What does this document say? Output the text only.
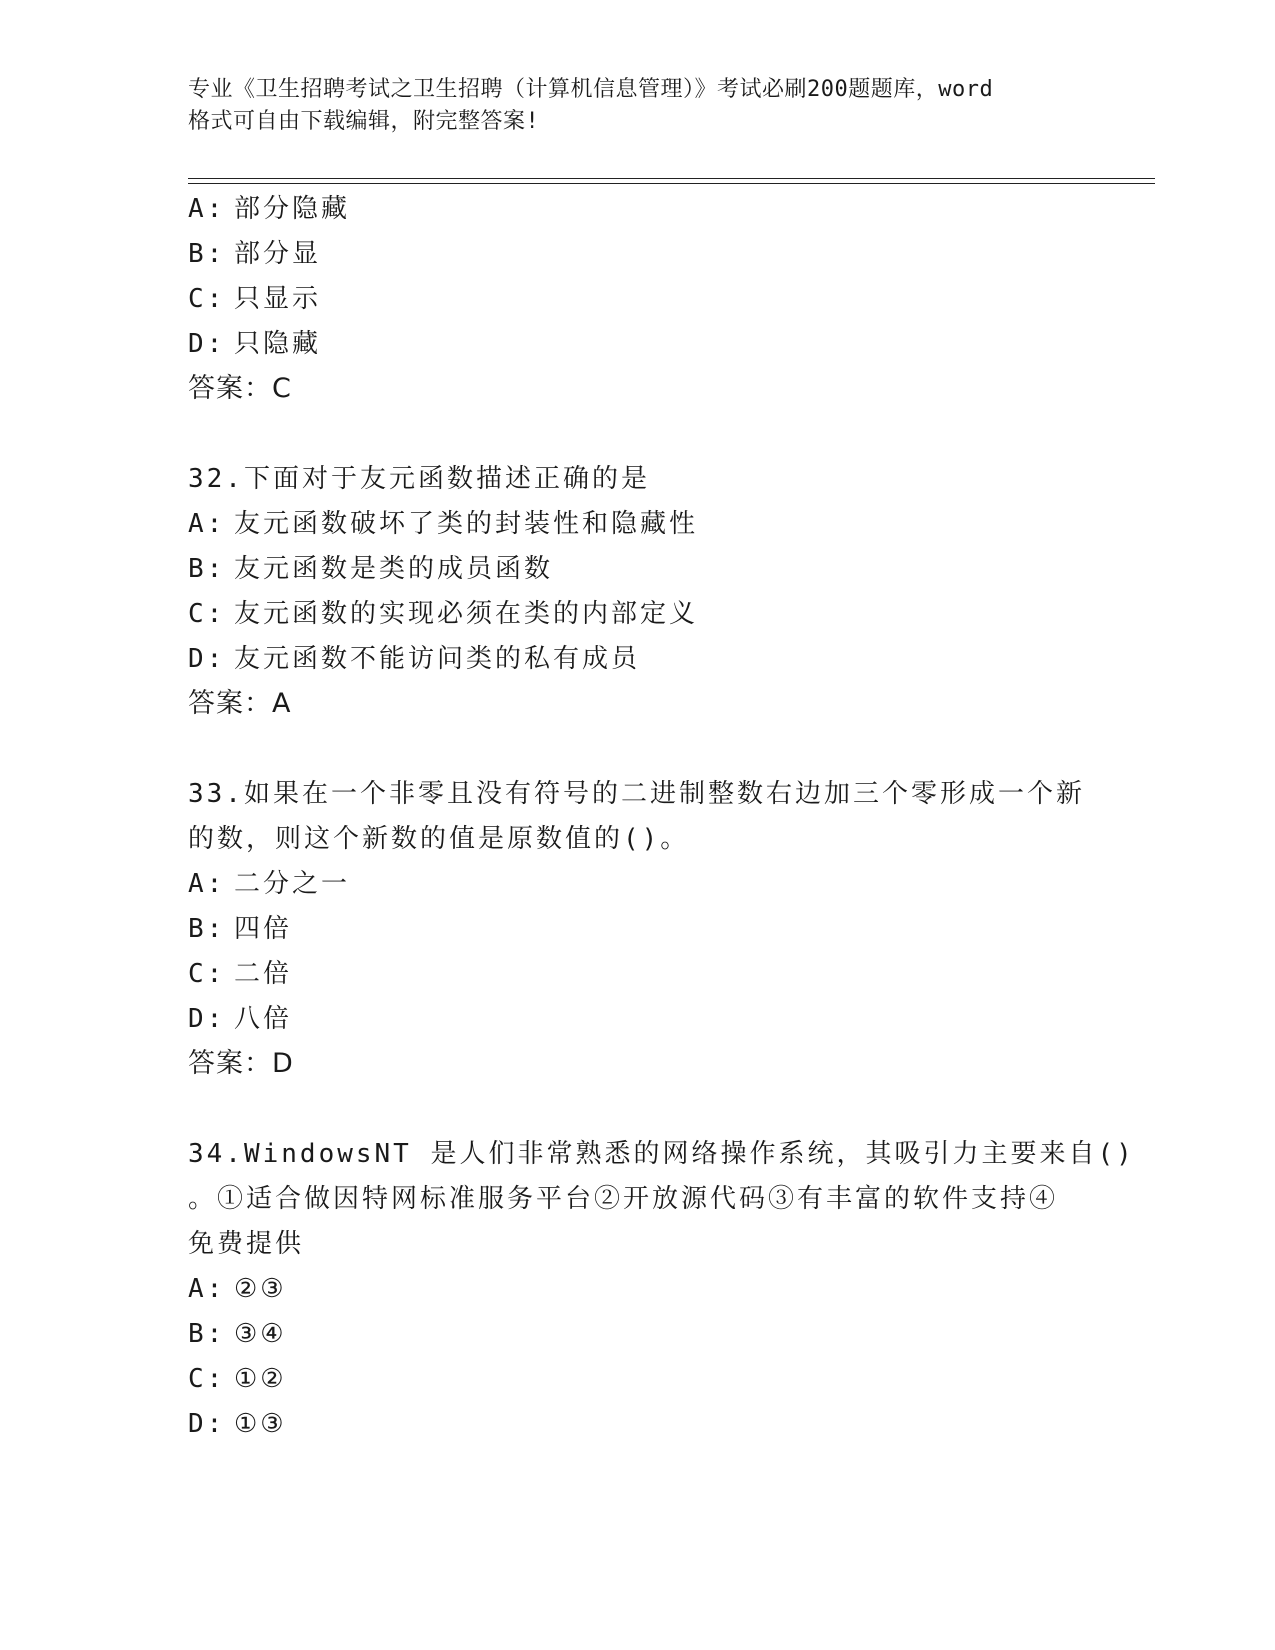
专业《卫生招聘考试之卫生招聘（计算机信息管理）》考试必刷200题题库，word
格式可自由下载编辑，附完整答案!
A: 部分隐藏
B: 部分显
C: 只显示
D: 只隐藏
答案：C
32.下面对于友元函数描述正确的是
A: 友元函数破坏了类的封装性和隐藏性
B: 友元函数是类的成员函数
C: 友元函数的实现必须在类的内部定义
D: 友元函数不能访问类的私有成员
答案：A
33.如果在一个非零且没有符号的二进制整数右边加三个零形成一个新
的数，则这个新数的值是原数值的()。
A: 二分之一
B: 四倍
C: 二倍
D: 八倍
答案：D
34.WindowsNT 是人们非常熟悉的网络操作系统，其吸引力主要来自()
。①适合做因特网标准服务平台②开放源代码③有丰富的软件支持④
免费提供
A: ②③
B: ③④
C: ①②
D: ①③
